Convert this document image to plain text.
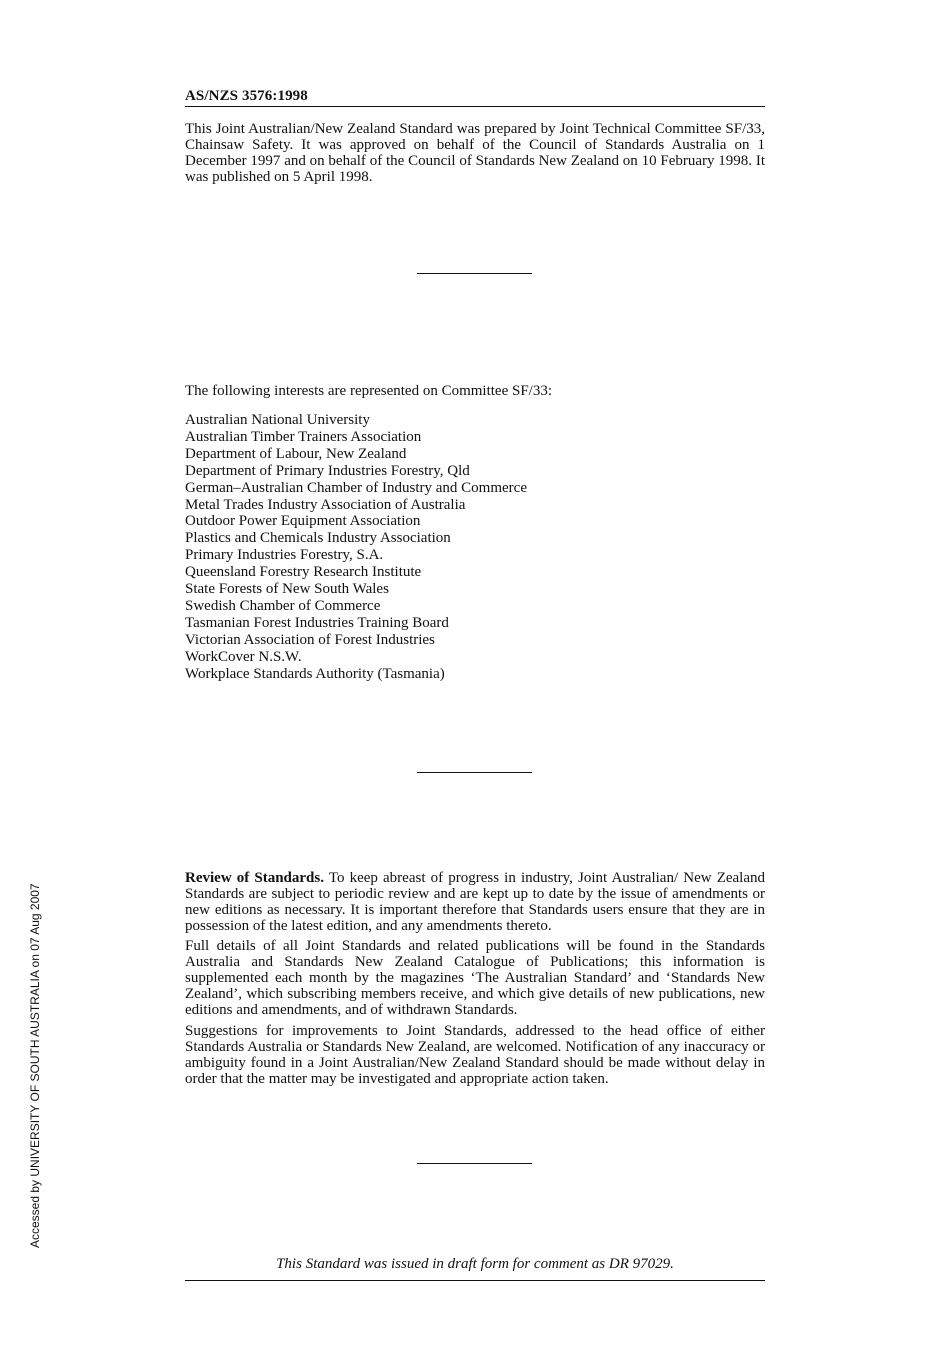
AS/NZS 3576:1998

This Joint Australian/New Zealand Standard was prepared by Joint Technical Committee SF/33, Chainsaw Safety. It was approved on behalf of the Council of Standards Australia on 1 December 1997 and on behalf of the Council of Standards New Zealand on 10 February 1998. It was published on 5 April 1998.

The following interests are represented on Committee SF/33:
Australian National University
Australian Timber Trainers Association
Department of Labour, New Zealand
Department of Primary Industries Forestry, Qld
German–Australian Chamber of Industry and Commerce
Metal Trades Industry Association of Australia
Outdoor Power Equipment Association
Plastics and Chemicals Industry Association
Primary Industries Forestry, S.A.
Queensland Forestry Research Institute
State Forests of New South Wales
Swedish Chamber of Commerce
Tasmanian Forest Industries Training Board
Victorian Association of Forest Industries
WorkCover N.S.W.
Workplace Standards Authority (Tasmania)

Review of Standards. To keep abreast of progress in industry, Joint Australian/ New Zealand Standards are subject to periodic review and are kept up to date by the issue of amendments or new editions as necessary. It is important therefore that Standards users ensure that they are in possession of the latest edition, and any amendments thereto.

Full details of all Joint Standards and related publications will be found in the Standards Australia and Standards New Zealand Catalogue of Publications; this information is supplemented each month by the magazines ‘The Australian Standard’ and ‘Standards New Zealand’, which subscribing members receive, and which give details of new publications, new editions and amendments, and of withdrawn Standards.

Suggestions for improvements to Joint Standards, addressed to the head office of either Standards Australia or Standards New Zealand, are welcomed. Notification of any inaccuracy or ambiguity found in a Joint Australian/New Zealand Standard should be made without delay in order that the matter may be investigated and appropriate action taken.

This Standard was issued in draft form for comment as DR 97029.
Accessed by UNIVERSITY OF SOUTH AUSTRALIA on 07 Aug 2007
